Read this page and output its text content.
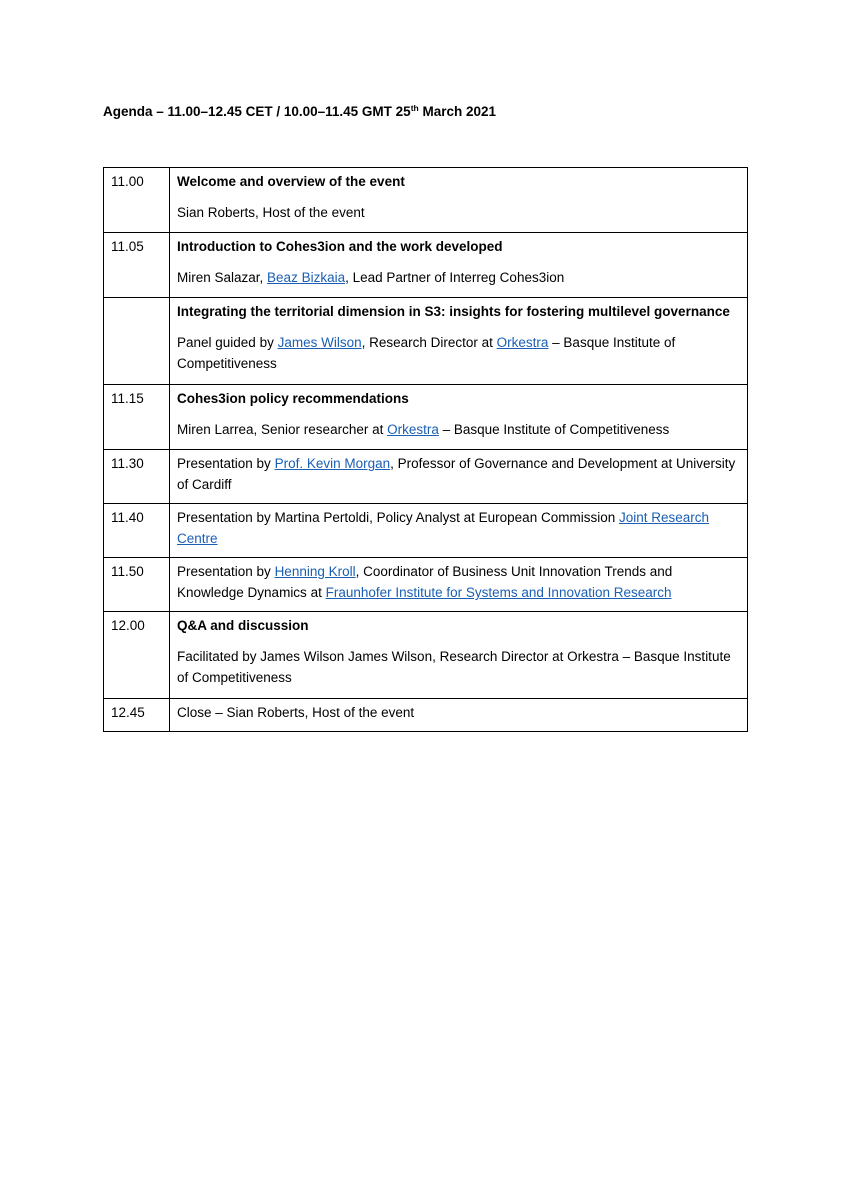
Agenda – 11.00–12.45 CET / 10.00–11.45 GMT 25th March 2021
11.00	Welcome and overview of the event
Sian Roberts, Host of the event

11.05	Introduction to Cohes3ion and the work developed
Miren Salazar, Beaz Bizkaia, Lead Partner of Interreg Cohes3ion

	Integrating the territorial dimension in S3: insights for fostering multilevel governance
Panel guided by James Wilson, Research Director at Orkestra – Basque Institute of Competitiveness

11.15	Cohes3ion policy recommendations
Miren Larrea, Senior researcher at Orkestra – Basque Institute of Competitiveness

11.30	Presentation by Prof. Kevin Morgan, Professor of Governance and Development at University of Cardiff

11.40	Presentation by Martina Pertoldi, Policy Analyst at European Commission Joint Research Centre

11.50	Presentation by Henning Kroll, Coordinator of Business Unit Innovation Trends and Knowledge Dynamics at Fraunhofer Institute for Systems and Innovation Research

12.00	Q&A and discussion
Facilitated by James Wilson James Wilson, Research Director at Orkestra – Basque Institute of Competitiveness

12.45	Close – Sian Roberts, Host of the event
